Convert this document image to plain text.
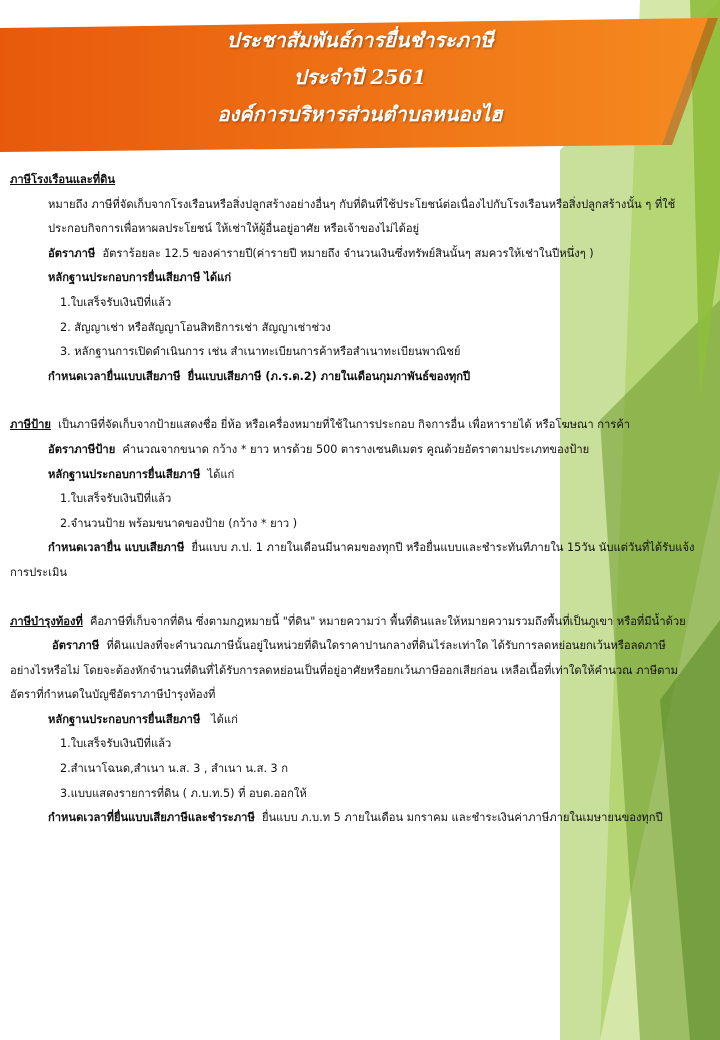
ประชาสัมพันธ์การยื่นชำระภาษี
ประจำปี 2561
องค์การบริหารส่วนตำบลหนองไฮ

ภาษีโรงเรือนและที่ดิน

หมายถึง ภาษีที่จัดเก็บจากโรงเรือนหรือสิ่งปลูกสร้างอย่างอื่นๆ กับที่ดินที่ใช้ประโยชน์ต่อเนื่องไปกับโรงเรือนหรือสิ่งปลูกสร้างนั้น ๆ ที่ใช้ประกอบกิจการเพื่อหาผลประโยชน์ ให้เช่าให้ผู้อื่นอยู่อาศัย หรือเจ้าของไม่ได้อยู่

อัตราภาษี อัตราร้อยละ 12.5 ของค่ารายปี(ค่ารายปี หมายถึง จำนวนเงินซึ่งทรัพย์สินนั้นๆ สมควรให้เช่าในปีหนึ่งๆ )

หลักฐานประกอบการยื่นเสียภาษี ได้แก่

1.ใบเสร็จรับเงินปีที่แล้ว

2. สัญญาเช่า หรือสัญญาโอนสิทธิการเช่า สัญญาเช่าช่วง

3. หลักฐานการเปิดดำเนินการ เช่น สำเนาทะเบียนการค้าหรือสำเนาทะเบียนพาณิชย์

กำหนดเวลายื่นแบบเสียภาษี ยื่นแบบเสียภาษี (ภ.ร.ด.2) ภายในเดือนกุมภาพันธ์ของทุกปี

ภาษีป้าย เป็นภาษีที่จัดเก็บจากป้ายแสดงชื่อ ยี่ห้อ หรือเครื่องหมายที่ใช้ในการประกอบ กิจการอื่น เพื่อหารายได้ หรือโฆษณา การค้า

อัตราภาษีป้าย คำนวณจากขนาด กว้าง * ยาว หารด้วย 500 ตารางเซนติเมตร คูณด้วยอัตราตามประเภทของป้าย

หลักฐานประกอบการยื่นเสียภาษี ได้แก่

1.ใบเสร็จรับเงินปีที่แล้ว

2.จำนวนป้าย พร้อมขนาดของป้าย (กว้าง * ยาว )

กำหนดเวลายื่น แบบเสียภาษี ยื่นแบบ ภ.ป. 1 ภายในเดือนมีนาคมของทุกปี หรือยื่นแบบและชำระทันทีภายใน 15วัน นับแต่วันที่ได้รับแจ้งการประเมิน

ภาษีบำรุงท้องที่ คือภาษีที่เก็บจากที่ดิน ซึ่งตามกฎหมายนี้ "ที่ดิน" หมายความว่า พื้นที่ดินและให้หมายความรวมถึงพื้นที่เป็นภูเขา หรือที่มีน้ำด้วย

อัตราภาษี ที่ดินแปลงที่จะคำนวณภาษีนั้นอยู่ในหน่วยที่ดินใดราคาปานกลางที่ดินไร่ละเท่าใด ได้รับการลดหย่อนยกเว้นหรือลดภาษีอย่างไรหรือไม่ โดยจะต้องหักจำนวนที่ดินที่ได้รับการลดหย่อนเป็นที่อยู่อาศัยหรือยกเว้นภาษีออกเสียก่อน เหลือเนื้อที่เท่าใดให้คำนวณ ภาษีตามอัตราที่กำหนดในบัญชีอัตราภาษีบำรุงท้องที่

หลักฐานประกอบการยื่นเสียภาษี ได้แก่

1.ใบเสร็จรับเงินปีที่แล้ว

2.สำเนาโฉนด,สำเนา น.ส. 3 , สำเนา น.ส. 3 ก

3.แบบแสดงรายการที่ดิน ( ภ.บ.ท.5) ที่ อบต.ออกให้

กำหนดเวลาที่ยื่นแบบเสียภาษีและชำระภาษี ยื่นแบบ ภ.บ.ท 5 ภายในเดือน มกราคม และชำระเงินค่าภาษีภายในเมษายนของทุกปี
